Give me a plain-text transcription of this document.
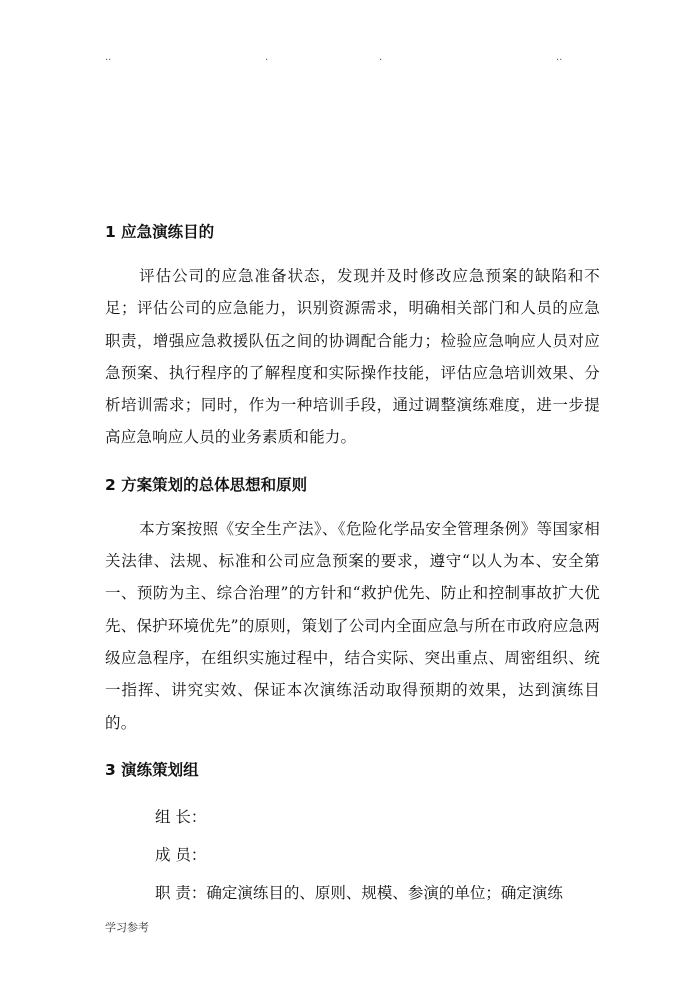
..	.	.	..
1 应急演练目的

评估公司的应急准备状态，发现并及时修改应急预案的缺陷和不足；评估公司的应急能力，识别资源需求，明确相关部门和人员的应急职责，增强应急救援队伍之间的协调配合能力；检验应急响应人员对应急预案、执行程序的了解程度和实际操作技能，评估应急培训效果、分析培训需求；同时，作为一种培训手段，通过调整演练难度，进一步提高应急响应人员的业务素质和能力。

2 方案策划的总体思想和原则

本方案按照《安全生产法》、《危险化学品安全管理条例》等国家相关法律、法规、标准和公司应急预案的要求，遵守“以人为本、安全第一、预防为主、综合治理”的方针和“救护优先、防止和控制事故扩大优先、保护环境优先”的原则，策划了公司内全面应急与所在市政府应急两级应急程序，在组织实施过程中，结合实际、突出重点、周密组织、统一指挥、讲究实效、保证本次演练活动取得预期的效果，达到演练目的。

3 演练策划组
组 长：
成 员：
职 责：确定演练目的、原则、规模、参演的单位；确定演练
学习参考
